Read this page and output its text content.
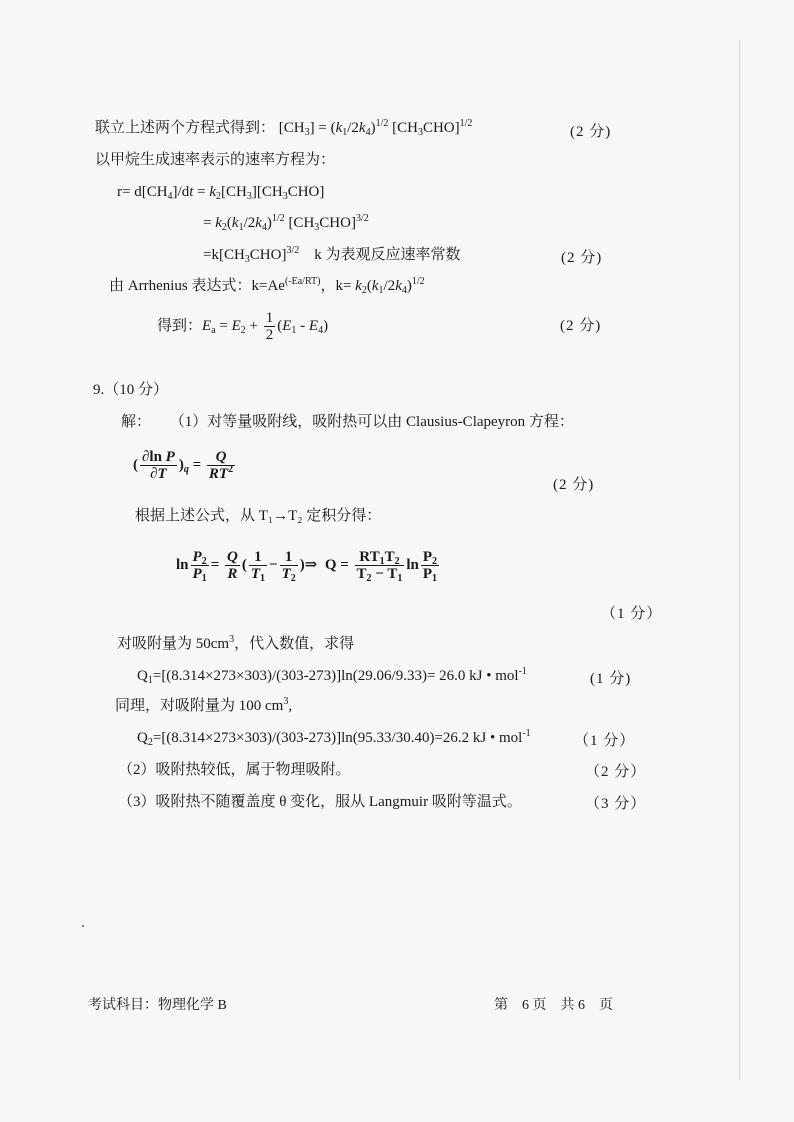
联立上述两个方程式得到： $[CH_3] = (k_1/2k_4)^{1/2}$ $[CH_3CHO]^{1/2}$
(2 分)
以甲烷生成速率表示的速率方程为：
$r= d[CH_4]/dt = k_2[CH_3][CH_3CHO]$
= $k_2(k_1/2k_4)^{1/2}$ $[CH_3CHO]^{3/2}$
$=k[CH_3CHO]^{3/2}$ k 为表观反应速率常数	(2 分)
由 Arrhenius 表达式：$k=Ae^{(-Ea/RT)}$，$k= k_2(k_1/2k_4)^{1/2}$
得到：$E_a = E_2 + \frac{1}{2} (E_1 - E_4)$	(2 分)
9.（10 分）
解： （1）对等量吸附线，吸附热可以由 Clausius-Clapeyron 方程：
( $\frac{\text{∂ln P}}{\partial T} )_q = \frac{Q}{RT^2}$
(2 分)
根据上述公式，从 T₁→T₂ 定积分得：
$\ln \frac{P_2}{P_1} = \frac{Q}{R}$ ( $\frac{1}{T_1} - \frac{1}{T_2}$ )⇒  $Q = \frac{RT_1T_2}{T_2 - T_1}$ $\ln \frac{P_2}{P_1}$
（1 分）
对吸附量为 $50cm^3$，代入数值，求得
$Q_1=[(8.314\times 273\times 303)/(303-273)]\ln(29.06/9.33)= 26.0$ kJ • mol$^{-1}$	(1 分)
同理，对吸附量为 100 $cm^3$,
$Q_2=[(8.314\times 273\times 303)/(303-273)]\ln(95.33/30.40)=26.2$ kJ • mol$^{-1}$	（1 分）
（2）吸附热较低，属于物理吸附。	（2 分）
（3）吸附热不随覆盖度 θ 变化，服从 Langmuir 吸附等温式。	（3 分）
考试科目：物理化学 B	第　6 页　共 6　页
